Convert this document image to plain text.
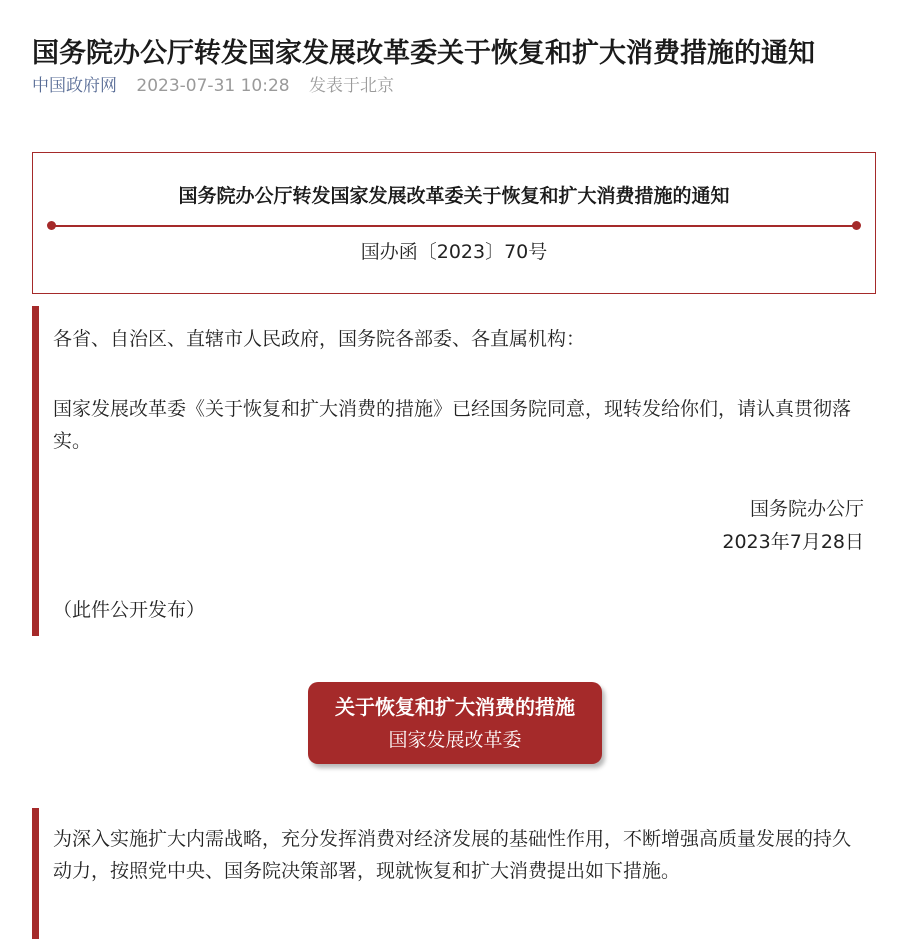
国务院办公厅转发国家发展改革委关于恢复和扩大消费措施的通知
中国政府网 2023-07-31 10:28 发表于北京
国务院办公厅转发国家发展改革委关于恢复和扩大消费措施的通知
国办函〔2023〕70号

各省、自治区、直辖市人民政府，国务院各部委、各直属机构：

国家发展改革委《关于恢复和扩大消费的措施》已经国务院同意，现转发给你们，请认真贯彻落实。

国务院办公厅

2023年7月28日

（此件公开发布）

关于恢复和扩大消费的措施
国家发展改革委

为深入实施扩大内需战略，充分发挥消费对经济发展的基础性作用，不断增强高质量发展的持久动力，按照党中央、国务院决策部署，现就恢复和扩大消费提出如下措施。
